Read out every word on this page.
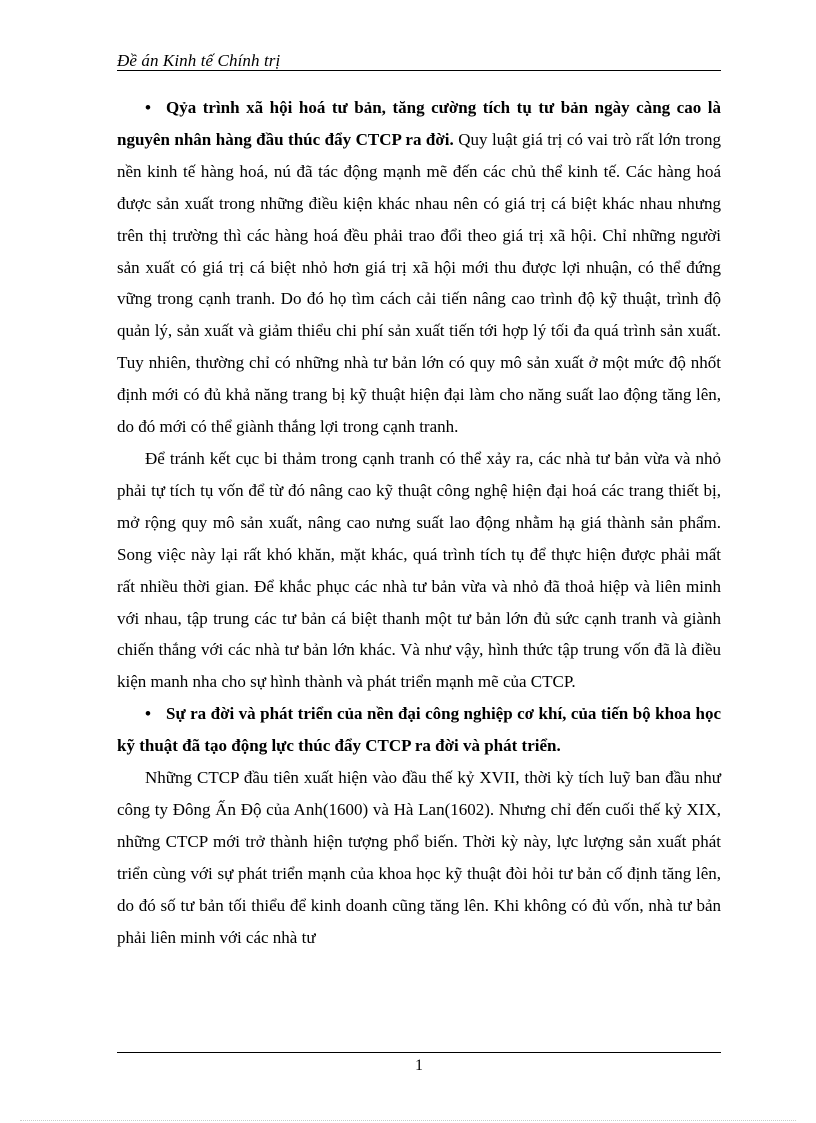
Đề án Kinh tế Chính trị

• Qỷa trình xã hội hoá tư bản, tăng cường tích tụ tư bản ngày càng cao là nguyên nhân hàng đầu thúc đẩy CTCP ra đời. Quy luật giá trị có vai trò rất lớn trong nền kinh tế hàng hoá, nú đã tác động mạnh mẽ đến các chủ thể kinh tế. Các hàng hoá được sản xuất trong những điều kiện khác nhau nên có giá trị cá biệt khác nhau nhưng trên thị trường thì các hàng hoá đều phải trao đổi theo giá trị xã hội. Chỉ những người sản xuất có giá trị cá biệt nhỏ hơn giá trị xã hội mới thu được lợi nhuận, có thể đứng vững trong cạnh tranh. Do đó họ tìm cách cải tiến nâng cao trình độ kỹ thuật, trình độ quản lý, sản xuất và giảm thiểu chi phí sản xuất tiến tới hợp lý tối đa quá trình sản xuất. Tuy nhiên, thường chỉ có những nhà tư bản lớn có quy mô sản xuất ở một mức độ nhốt định mới có đủ khả năng trang bị kỹ thuật hiện đại làm cho năng suất lao động tăng lên, do đó mới có thể giành thắng lợi trong cạnh tranh.

Để tránh kết cục bi thảm trong cạnh tranh có thể xảy ra, các nhà tư bản vừa và nhỏ phải tự tích tụ vốn để từ đó nâng cao kỹ thuật công nghệ hiện đại hoá các trang thiết bị, mở rộng quy mô sản xuất, nâng cao nưng suất lao động nhằm hạ giá thành sản phẩm. Song việc này lại rất khó khăn, mặt khác, quá trình tích tụ để thực hiện được phải mất rất nhiều thời gian. Để khắc phục các nhà tư bản vừa và nhỏ đã thoả hiệp và liên minh với nhau, tập trung các tư bản cá biệt thanh một tư bản lớn đủ sức cạnh tranh và giành chiến thắng với các nhà tư bản lớn khác. Và như vậy, hình thức tập trung vốn đã là điều kiện manh nha cho sự hình thành và phát triển mạnh mẽ của CTCP.

• Sự ra đời và phát triển của nền đại công nghiệp cơ khí, của tiến bộ khoa học kỹ thuật đã tạo động lực thúc đẩy CTCP ra đời và phát triển.

Những CTCP đầu tiên xuất hiện vào đầu thế kỷ XVII, thời kỳ tích luỹ ban đầu như công ty Đông Ấn Độ của Anh(1600) và Hà Lan(1602). Nhưng chỉ đến cuối thế kỷ XIX, những CTCP mới trở thành hiện tượng phổ biến. Thời kỳ này, lực lượng sản xuất phát triển cùng với sự phát triển mạnh của khoa học kỹ thuật đòi hỏi tư bản cố định tăng lên, do đó số tư bản tối thiểu để kinh doanh cũng tăng lên. Khi không có đủ vốn, nhà tư bản phải liên minh với các nhà tư

1
